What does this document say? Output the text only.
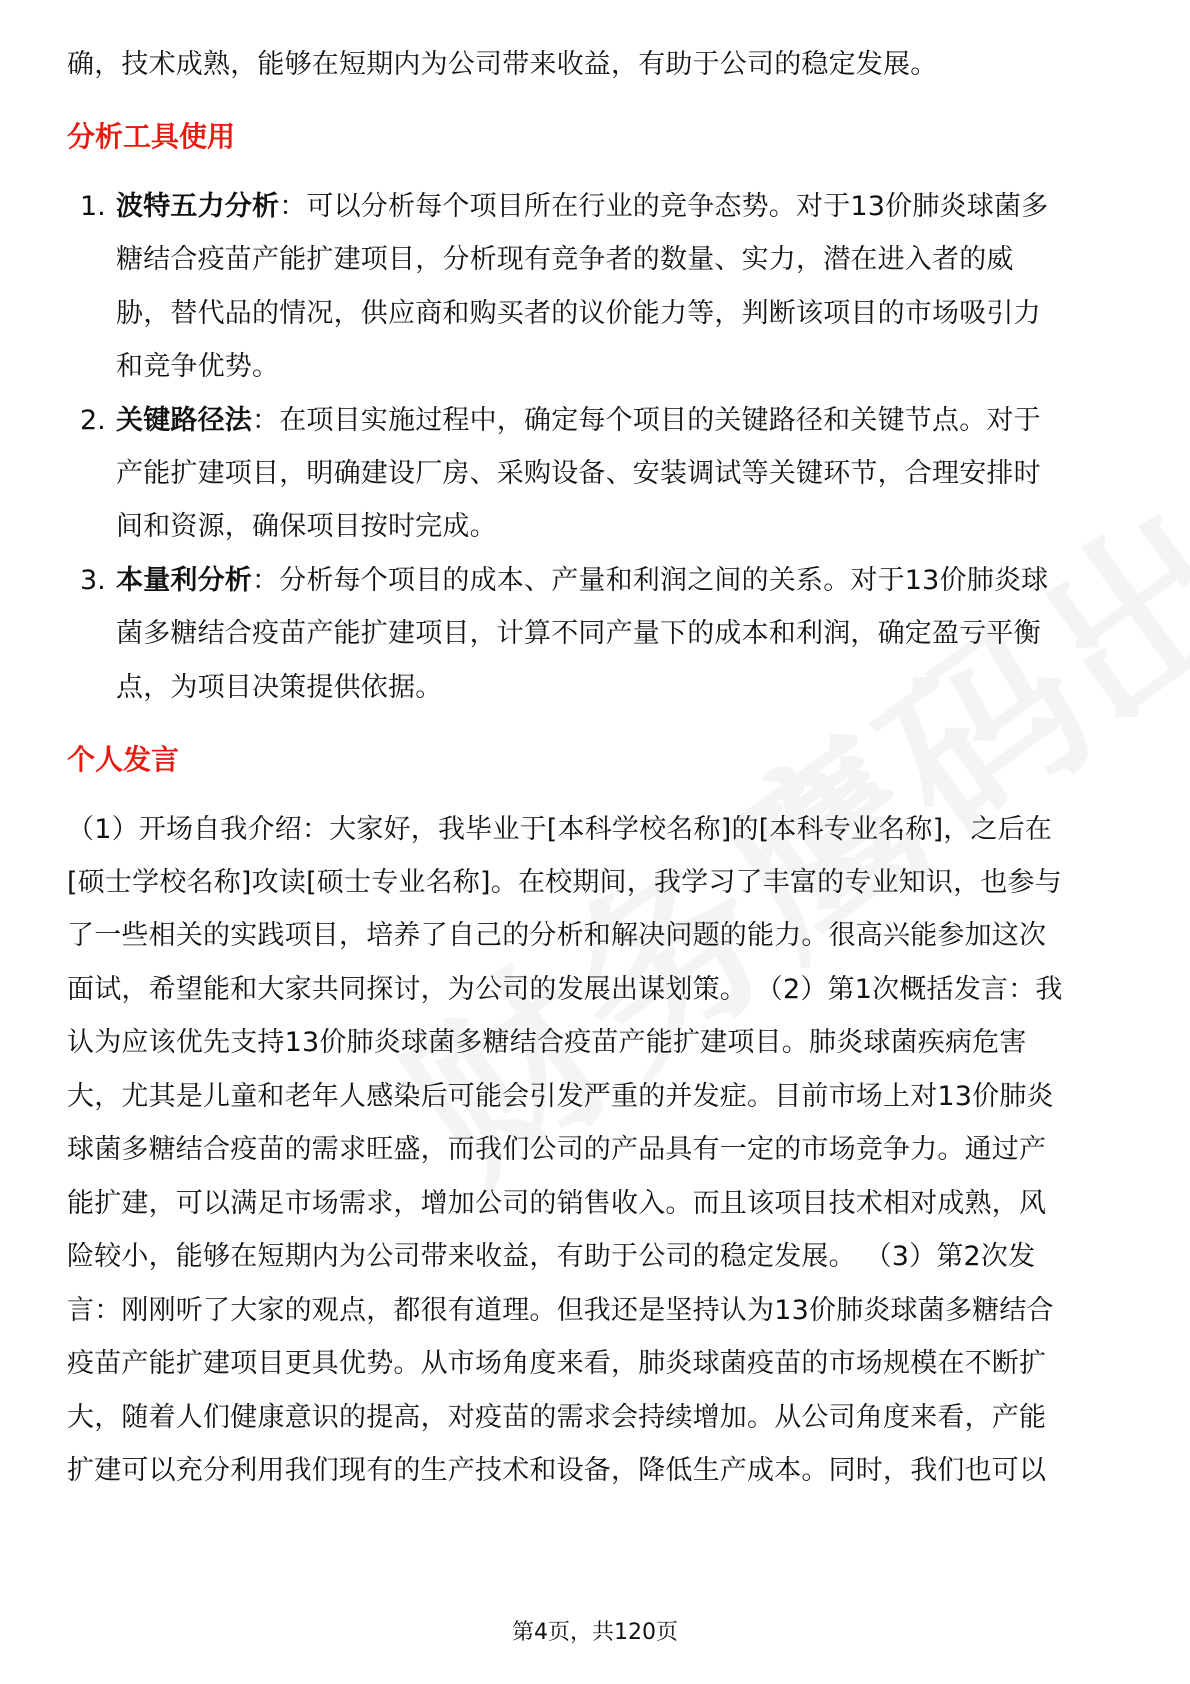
确，技术成熟，能够在短期内为公司带来收益，有助于公司的稳定发展。
分析工具使用
1. 波特五力分析：可以分析每个项目所在行业的竞争态势。对于13价肺炎球菌多
糖结合疫苗产能扩建项目，分析现有竞争者的数量、实力，潜在进入者的威
胁，替代品的情况，供应商和购买者的议价能力等，判断该项目的市场吸引力
和竞争优势。
2. 关键路径法：在项目实施过程中，确定每个项目的关键路径和关键节点。对于
产能扩建项目，明确建设厂房、采购设备、安装调试等关键环节，合理安排时
间和资源，确保项目按时完成。
3. 本量利分析：分析每个项目的成本、产量和利润之间的关系。对于13价肺炎球
菌多糖结合疫苗产能扩建项目，计算不同产量下的成本和利润，确定盈亏平衡
点，为项目决策提供依据。
个人发言
（1）开场自我介绍：大家好，我毕业于[本科学校名称]的[本科专业名称]，之后在
[硕士学校名称]攻读[硕士专业名称]。在校期间，我学习了丰富的专业知识，也参与
了一些相关的实践项目，培养了自己的分析和解决问题的能力。很高兴能参加这次
面试，希望能和大家共同探讨，为公司的发展出谋划策。 （2）第1次概括发言：我
认为应该优先支持13价肺炎球菌多糖结合疫苗产能扩建项目。肺炎球菌疾病危害
大，尤其是儿童和老年人感染后可能会引发严重的并发症。目前市场上对13价肺炎
球菌多糖结合疫苗的需求旺盛，而我们公司的产品具有一定的市场竞争力。通过产
能扩建，可以满足市场需求，增加公司的销售收入。而且该项目技术相对成熟，风
险较小，能够在短期内为公司带来收益，有助于公司的稳定发展。 （3）第2次发
言：刚刚听了大家的观点，都很有道理。但我还是坚持认为13价肺炎球菌多糖结合
疫苗产能扩建项目更具优势。从市场角度来看，肺炎球菌疫苗的市场规模在不断扩
大，随着人们健康意识的提高，对疫苗的需求会持续增加。从公司角度来看，产能
扩建可以充分利用我们现有的生产技术和设备，降低生产成本。同时，我们也可以
第4页，共120页
